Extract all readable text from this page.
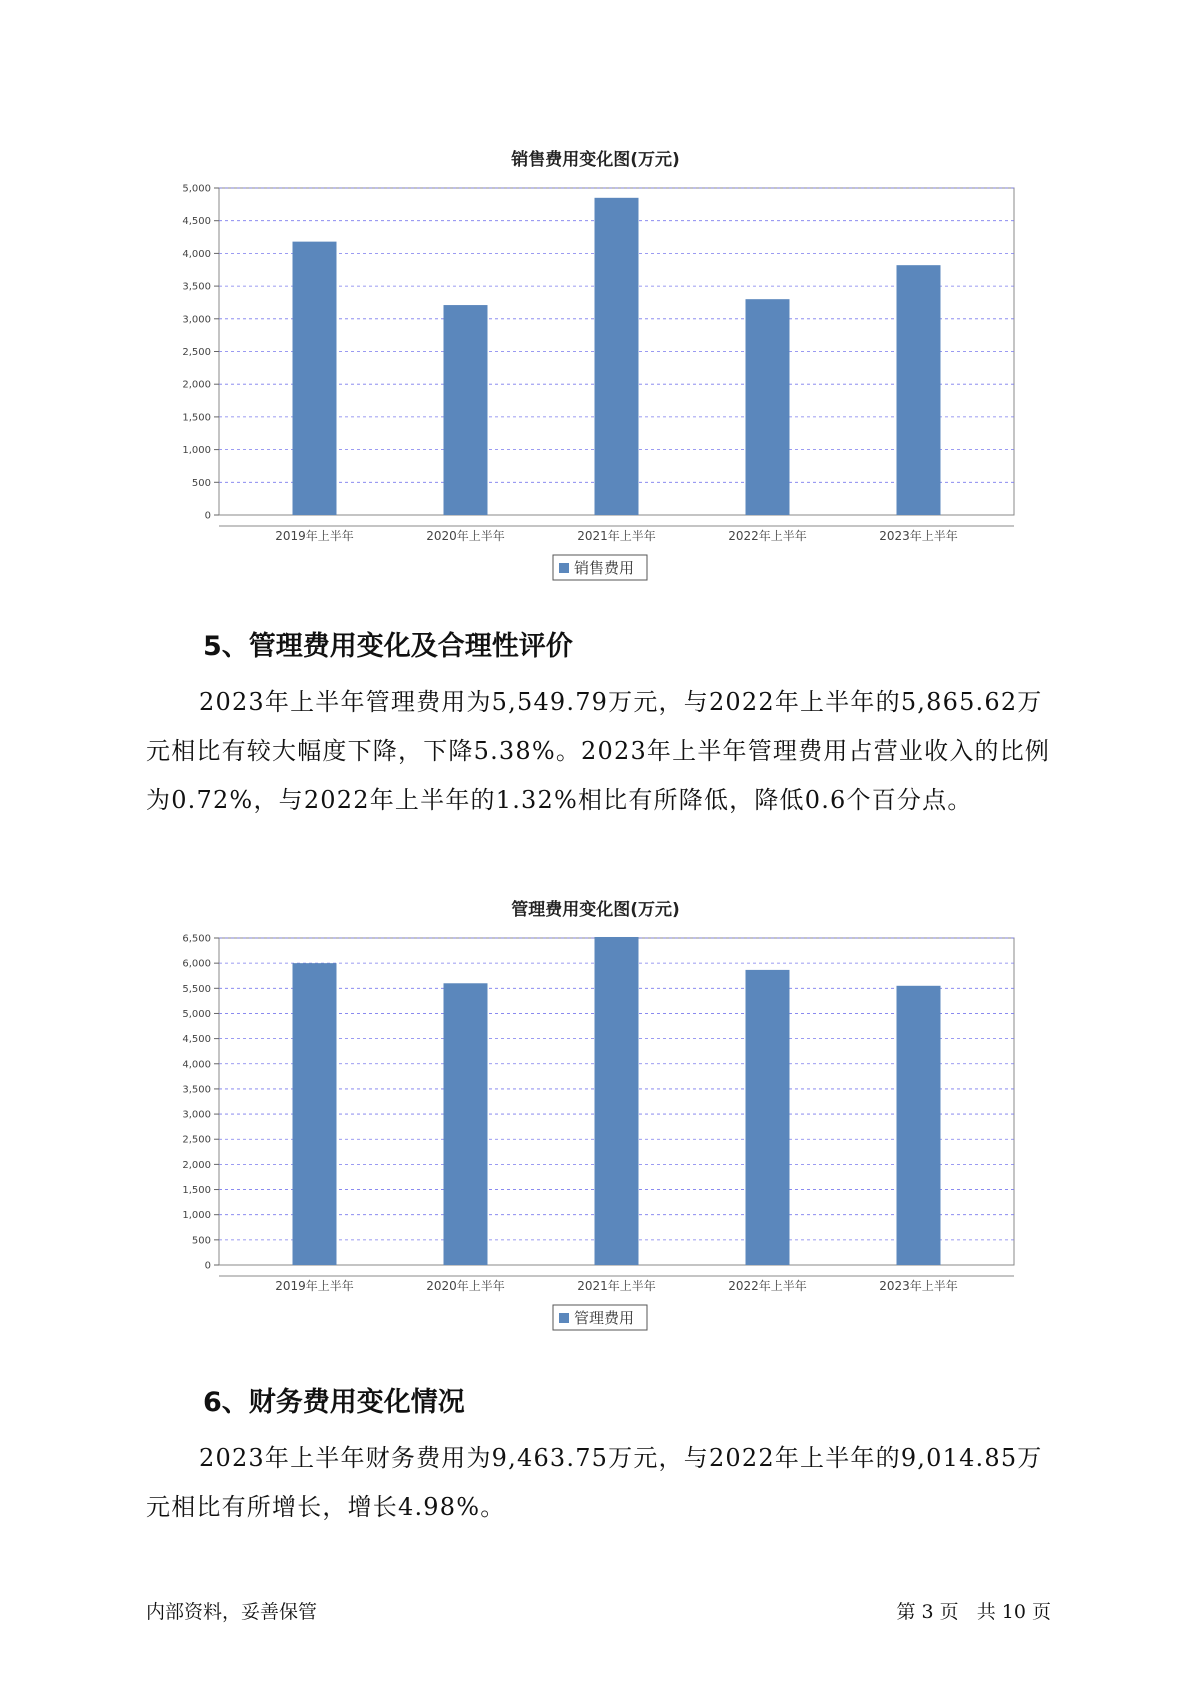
销售费用变化图(万元)
0
500
1,000
1,500
2,000
2,500
3,000
3,500
4,000
4,500
5,000
2019年上半年	2020年上半年	2021年上半年	2022年上半年	2023年上半年
销售费用
5、管理费用变化及合理性评价
2023年上半年管理费用为5,549.79万元，与2022年上半年的5,865.62万元相比有较大幅度下降，下降5.38%。2023年上半年管理费用占营业收入的比例为0.72%，与2022年上半年的1.32%相比有所降低，降低0.6个百分点。
管理费用变化图(万元)
0
500
1,000
1,500
2,000
2,500
3,000
3,500
4,000
4,500
5,000
5,500
6,000
6,500
2019年上半年	2020年上半年	2021年上半年	2022年上半年	2023年上半年
管理费用
6、财务费用变化情况
2023年上半年财务费用为9,463.75万元，与2022年上半年的9,014.85万元相比有所增长，增长4.98%。
内部资料，妥善保管	第 3 页   共 10 页
